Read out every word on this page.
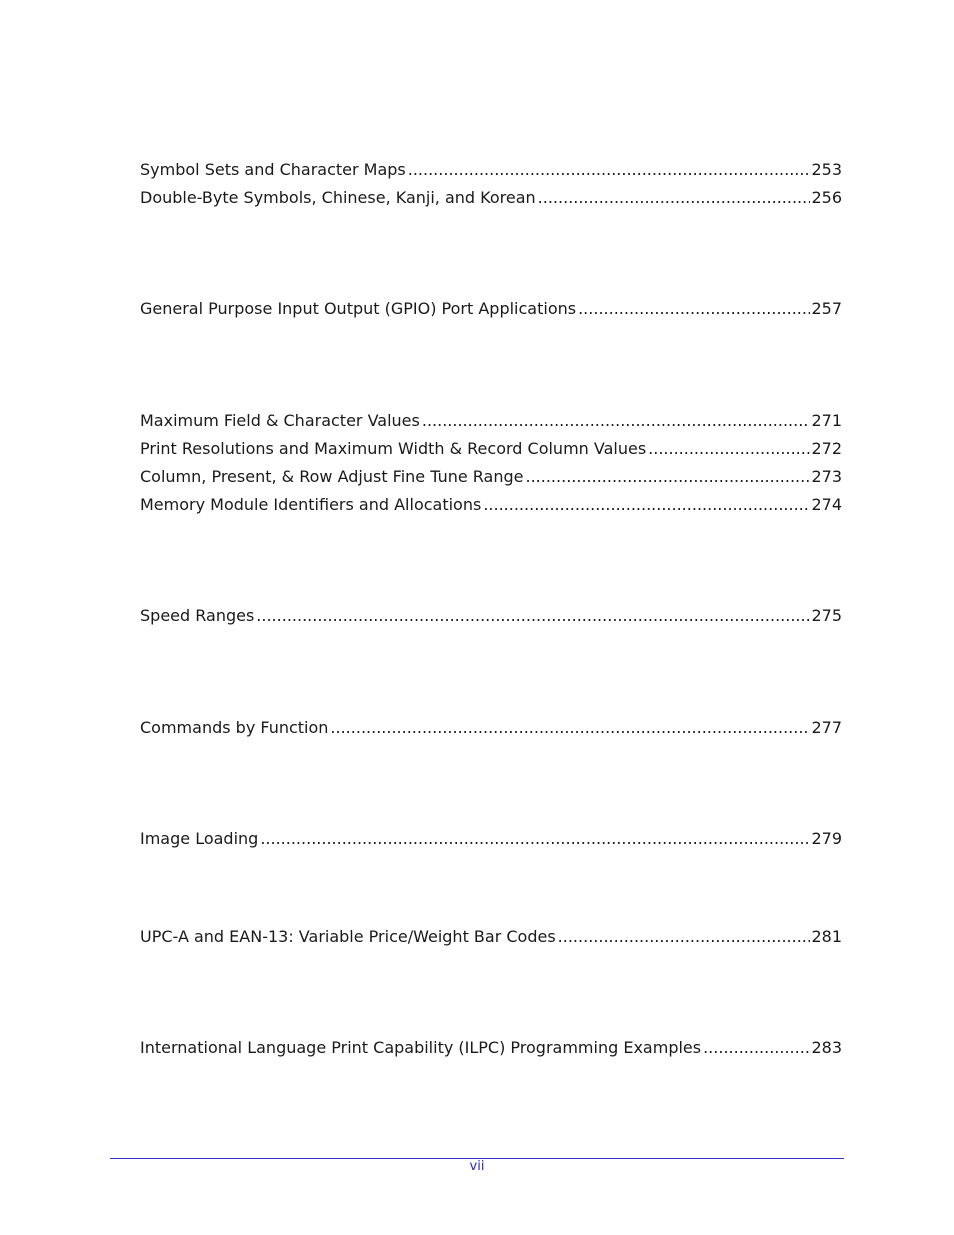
Symbol Sets and Character Maps .....	253
Double-Byte Symbols, Chinese, Kanji, and Korean .....	256
General Purpose Input Output (GPIO) Port Applications .....	257
Maximum Field & Character Values .....	271
Print Resolutions and Maximum Width & Record Column Values .....	272
Column, Present, & Row Adjust Fine Tune Range .....	273
Memory Module Identifiers and Allocations .....	274
Speed Ranges .....	275
Commands by Function .....	277
Image Loading .....	279
UPC-A and EAN-13: Variable Price/Weight Bar Codes .....	281
International Language Print Capability (ILPC) Programming Examples .....	283
vii
